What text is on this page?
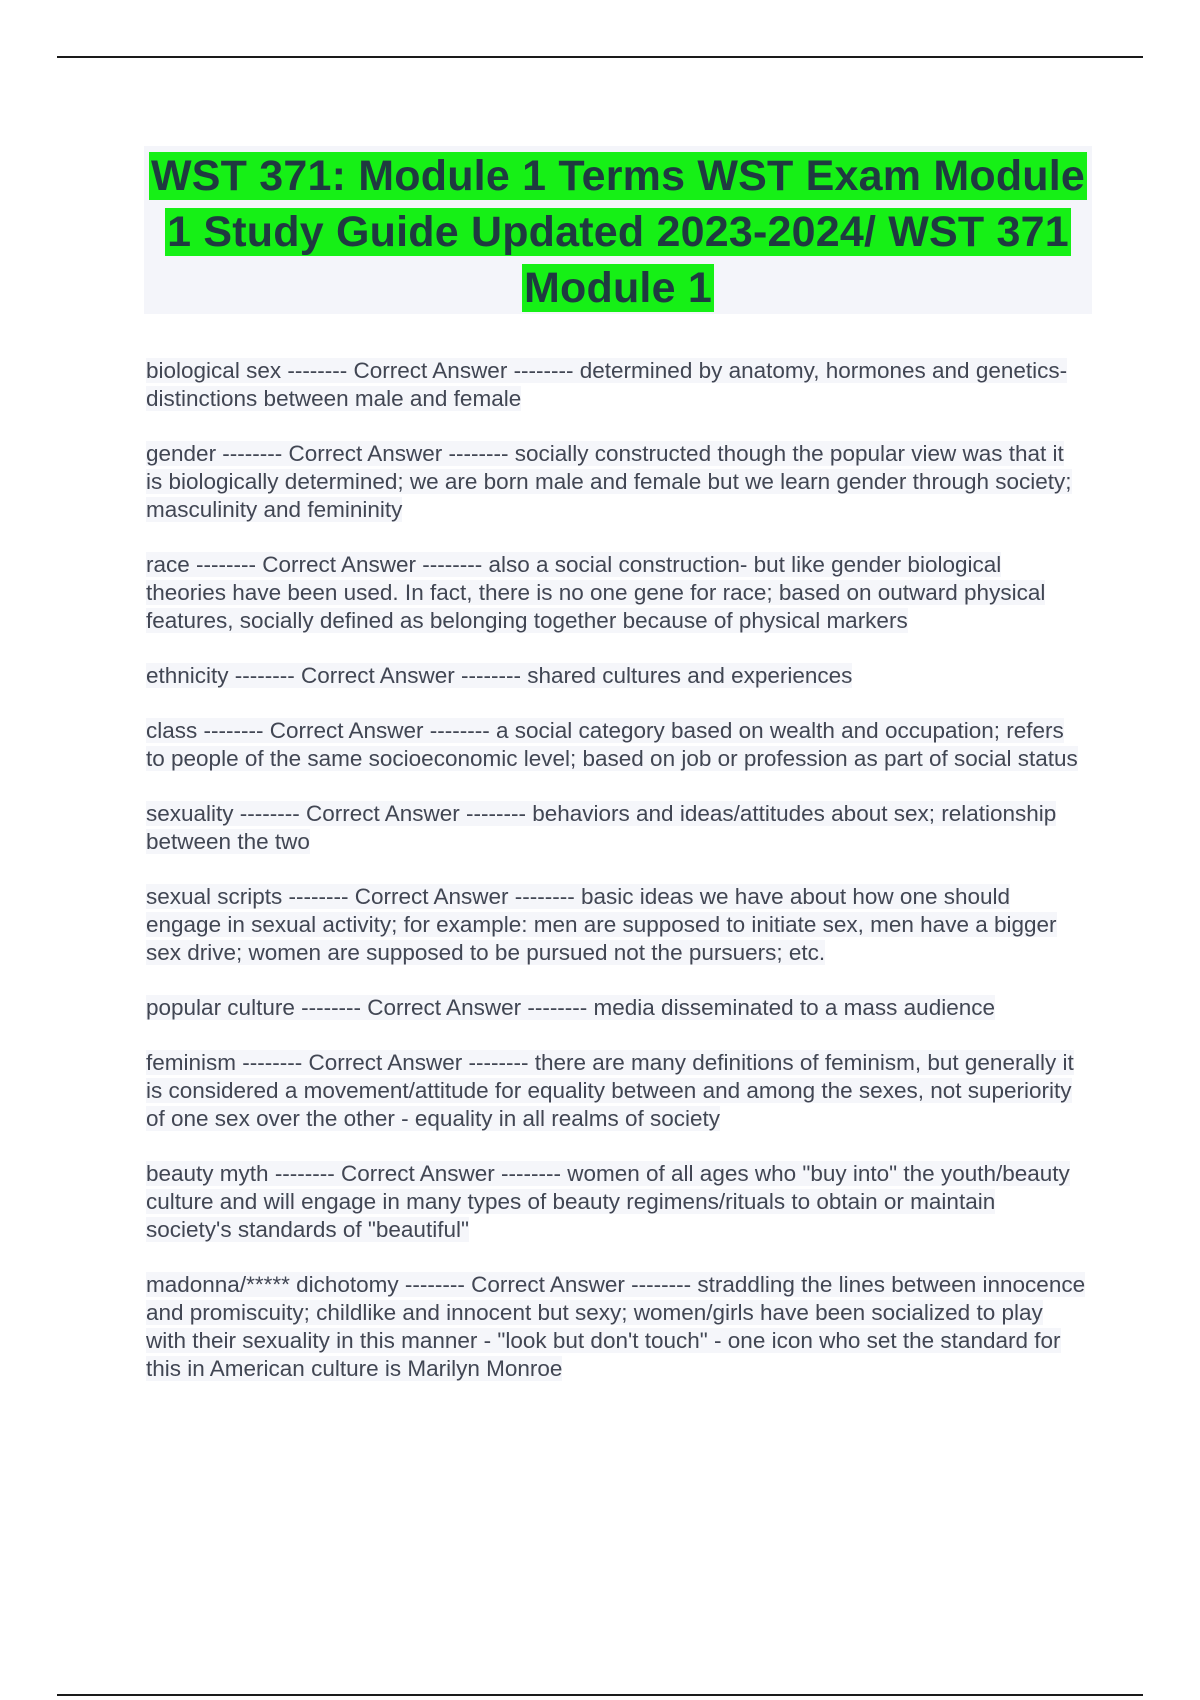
WST 371: Module 1 Terms WST Exam Module 1 Study Guide Updated 2023-2024/ WST 371 Module 1

biological sex -------- Correct Answer -------- determined by anatomy, hormones and genetics-distinctions between male and female

gender -------- Correct Answer -------- socially constructed though the popular view was that it is biologically determined; we are born male and female but we learn gender through society; masculinity and femininity

race -------- Correct Answer -------- also a social construction- but like gender biological theories have been used. In fact, there is no one gene for race; based on outward physical features, socially defined as belonging together because of physical markers

ethnicity -------- Correct Answer -------- shared cultures and experiences

class -------- Correct Answer -------- a social category based on wealth and occupation; refers to people of the same socioeconomic level; based on job or profession as part of social status

sexuality -------- Correct Answer -------- behaviors and ideas/attitudes about sex; relationship between the two

sexual scripts -------- Correct Answer -------- basic ideas we have about how one should engage in sexual activity; for example: men are supposed to initiate sex, men have a bigger sex drive; women are supposed to be pursued not the pursuers; etc.

popular culture -------- Correct Answer -------- media disseminated to a mass audience

feminism -------- Correct Answer -------- there are many definitions of feminism, but generally it is considered a movement/attitude for equality between and among the sexes, not superiority of one sex over the other - equality in all realms of society

beauty myth -------- Correct Answer -------- women of all ages who "buy into" the youth/beauty culture and will engage in many types of beauty regimens/rituals to obtain or maintain society's standards of "beautiful"

madonna/***** dichotomy -------- Correct Answer -------- straddling the lines between innocence and promiscuity; childlike and innocent but sexy; women/girls have been socialized to play with their sexuality in this manner - "look but don't touch" - one icon who set the standard for this in American culture is Marilyn Monroe
